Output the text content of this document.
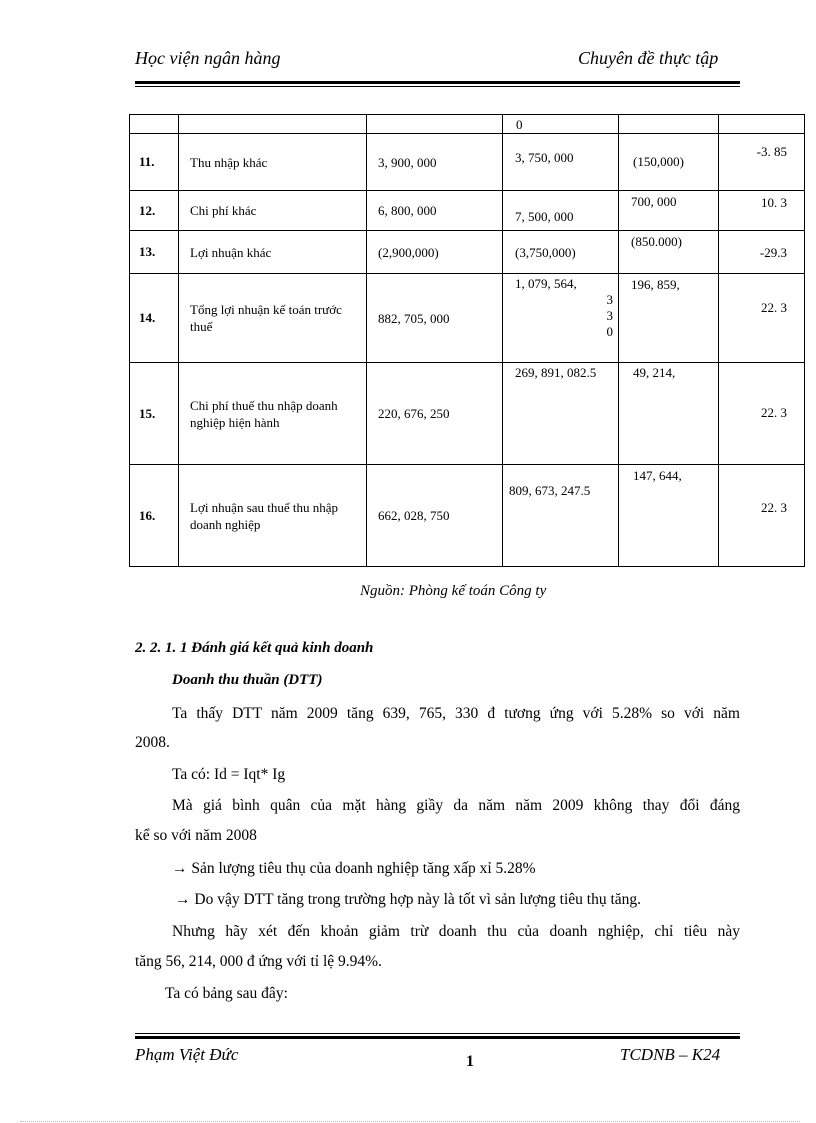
Học viện ngân hàng	Chuyên đề thực tập

			0		

11.	Thu nhập khác	3, 900, 000	3, 750, 000	(150,000)	-3. 85

12.	Chi phí khác	6, 800, 000	7, 500, 000	700, 000	10. 3

13.	Lợi nhuận khác	(2,900,000)	(3,750,000)	(850.000)	-29.3

14.	Tổng lợi nhuận kế toán trước thuế	882, 705, 000	1, 079, 564,
3
3
0	196, 859,	22. 3

15.	Chi phí thuế thu nhập doanh nghiệp hiện hành	220, 676, 250	269, 891, 082.5	49, 214,	22. 3

16.	Lợi nhuận sau thuế thu nhập doanh nghiệp	662, 028, 750	809, 673, 247.5	147, 644,	22. 3
Nguồn: Phòng kế toán Công ty
2. 2. 1. 1 Đánh giá kết quả kinh doanh
Doanh thu thuần (DTT)
Ta thấy DTT năm 2009 tăng 639, 765, 330 đ tương ứng với 5.28% so với năm
2008.
Ta có: Id = Iqt* Ig
Mà giá bình quân của mặt hàng giầy da năm năm 2009 không thay đổi đáng
kể so với năm 2008
→ Sản lượng tiêu thụ của doanh nghiệp tăng xấp xỉ 5.28%
→ Do vậy DTT tăng trong trường hợp này là tốt vì sản lượng tiêu thụ tăng.
Nhưng hãy xét đến khoản giảm trừ doanh thu của doanh nghiệp, chỉ tiêu này
tăng 56, 214, 000 đ ứng với tỉ lệ 9.94%.
Ta có bảng sau đây:
Phạm Việt Đức	1	TCDNB – K24
